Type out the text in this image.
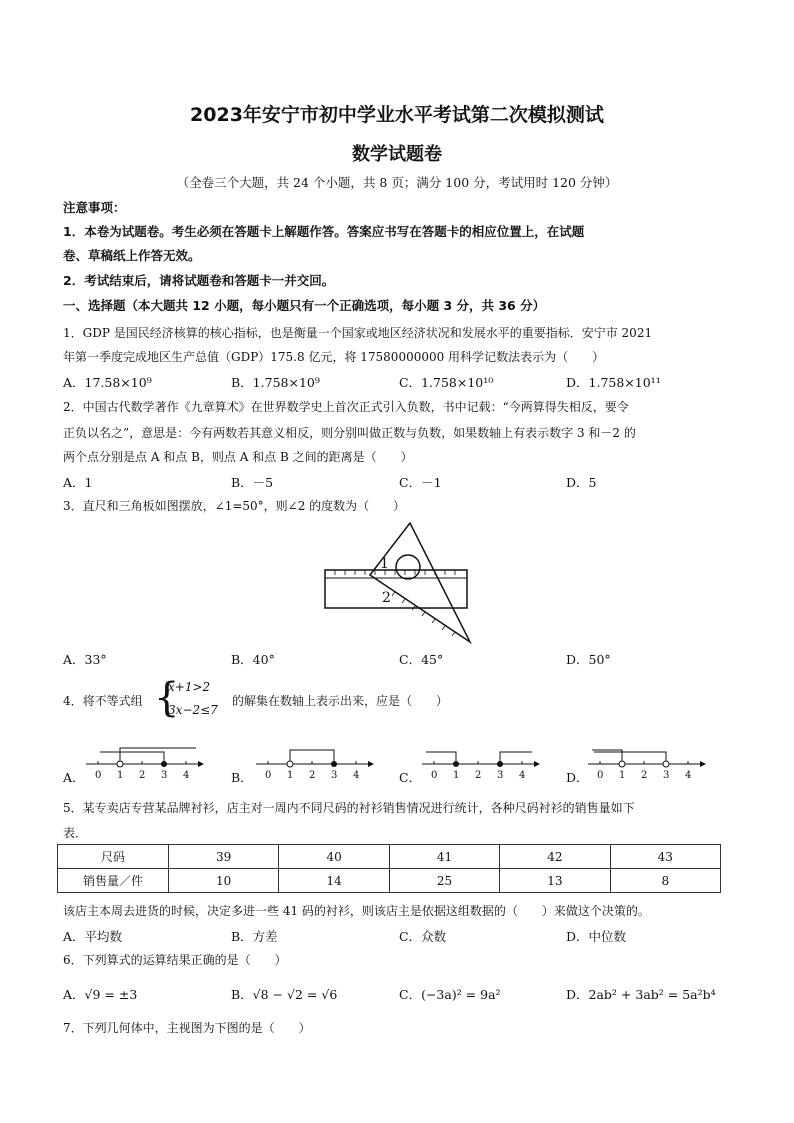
2023年安宁市初中学业水平考试第二次模拟测试
数学试题卷
（全卷三个大题，共 24 个小题，共 8 页；满分 100 分，考试用时 120 分钟）
注意事项：
1．本卷为试题卷。考生必须在答题卡上解题作答。答案应书写在答题卡的相应位置上，在试题
卷、草稿纸上作答无效。
2．考试结束后，请将试题卷和答题卡一并交回。
一、选择题（本大题共 12 小题，每小题只有一个正确选项，每小题 3 分，共 36 分）
1．GDP 是国民经济核算的核心指标，也是衡量一个国家或地区经济状况和发展水平的重要指标．安宁市 2021
年第一季度完成地区生产总值（GDP）175.8 亿元，将 17580000000 用科学记数法表示为（　　）
A．17.58×10⁹	B．1.758×10⁹	C．1.758×10¹⁰	D．1.758×10¹¹
2．中国古代数学著作《九章算术》在世界数学史上首次正式引入负数，书中记载：“今两算得失相反，要令
正负以名之”，意思是：今有两数若其意义相反，则分别叫做正数与负数，如果数轴上有表示数字 3 和－2 的
两个点分别是点 A 和点 B，则点 A 和点 B 之间的距离是（　　）
A．1	B．－5	C．－1	D．5
3．直尺和三角板如图摆放，∠1=50°，则∠2 的度数为（　　）
1
2
A．33°	B．40°	C．45°	D．50°
4．将不等式组 {
x+1>2
3x−2≤7
的解集在数轴上表示出来，应是（　　）
A． 0 1 2 3 4	B． 0 1 2 3 4	C． 0 1 2 3 4	D． 0 1 2 3 4
5．某专卖店专营某品牌衬衫，店主对一周内不同尺码的衬衫销售情况进行统计，各种尺码衬衫的销售量如下
表．
尺码	39	40	41	42	43
销售量／件	10	14	25	13	8
该店主本周去进货的时候，决定多进一些 41 码的衬衫，则该店主是依据这组数据的（　　）来做这个决策的。
A．平均数	B．方差	C．众数	D．中位数
6．下列算式的运算结果正确的是（　　）
A．√9 = ±3	B．√8 − √2 = √6	C．(−3a)² = 9a²	D．2ab² + 3ab² = 5a²b⁴
7．下列几何体中，主视图为下图的是（　　）
